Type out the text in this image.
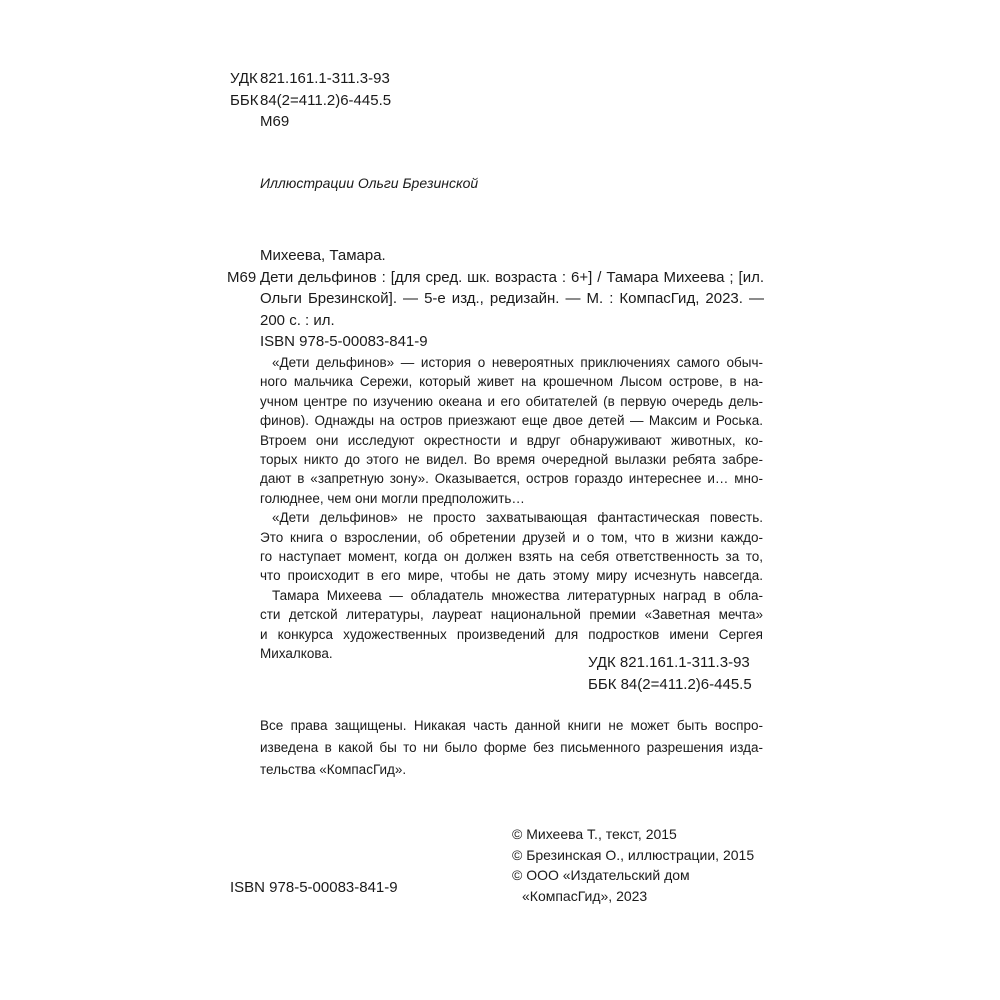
УДК 821.161.1-311.3-93
ББК 84(2=411.2)6-445.5
М69
Иллюстрации Ольги Брезинской
Михеева, Тамара.
М69 Дети дельфинов : [для сред. шк. возраста : 6+] / Тамара Михеева ; [ил.
Ольги Брезинской]. — 5-е изд., редизайн. — М. : КомпасГид, 2023. —
200 с. : ил.
ISBN 978-5-00083-841-9
«Дети дельфинов» — история о невероятных приключениях самого обыч-
ного мальчика Сережи, который живет на крошечном Лысом острове, в на-
учном центре по изучению океана и его обитателей (в первую очередь дель-
финов). Однажды на остров приезжают еще двое детей — Максим и Роська.
Втроем они исследуют окрестности и вдруг обнаруживают животных, ко-
торых никто до этого не видел. Во время очередной вылазки ребята забре-
дают в «запретную зону». Оказывается, остров гораздо интереснее и… мно-
голюднее, чем они могли предположить…
«Дети дельфинов» не просто захватывающая фантастическая повесть.
Это книга о взрослении, об обретении друзей и о том, что в жизни каждо-
го наступает момент, когда он должен взять на себя ответственность за то,
что происходит в его мире, чтобы не дать этому миру исчезнуть навсегда.
Тамара Михеева — обладатель множества литературных наград в обла-
сти детской литературы, лауреат национальной премии «Заветная мечта»
и конкурса художественных произведений для подростков имени Сергея
Михалкова.
УДК 821.161.1-311.3-93
ББК 84(2=411.2)6-445.5
Все права защищены. Никакая часть данной книги не может быть воспро-
изведена в какой бы то ни было форме без письменного разрешения изда-
тельства «КомпасГид».
© Михеева Т., текст, 2015
© Брезинская О., иллюстрации, 2015
© ООО «Издательский дом
«КомпасГид», 2023
ISBN 978-5-00083-841-9
